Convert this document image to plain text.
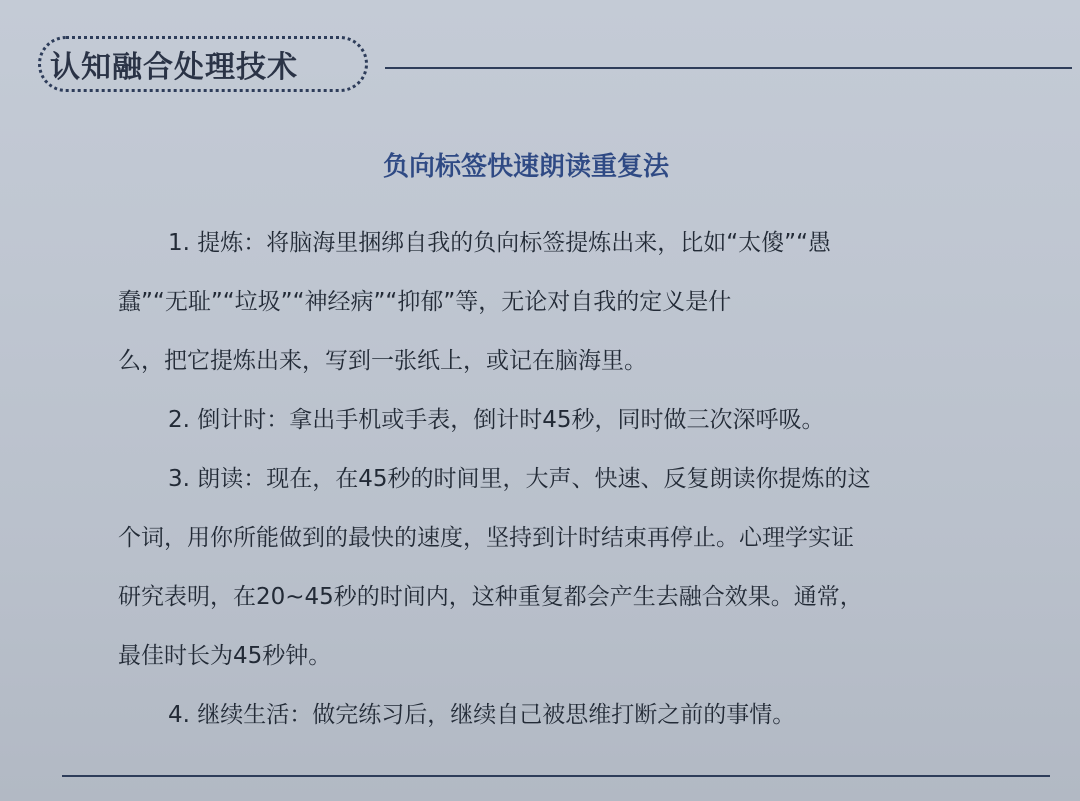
认知融合处理技术
负向标签快速朗读重复法
1. 提炼：将脑海里捆绑自我的负向标签提炼出来，比如“太傻”“愚
蠢”“无耻”“垃圾”“神经病”“抑郁”等，无论对自我的定义是什
么，把它提炼出来，写到一张纸上，或记在脑海里。
2. 倒计时：拿出手机或手表，倒计时45秒，同时做三次深呼吸。
3. 朗读：现在，在45秒的时间里，大声、快速、反复朗读你提炼的这
个词，用你所能做到的最快的速度，坚持到计时结束再停止。心理学实证
研究表明，在20~45秒的时间内，这种重复都会产生去融合效果。通常，
最佳时长为45秒钟。
4. 继续生活：做完练习后，继续自己被思维打断之前的事情。
